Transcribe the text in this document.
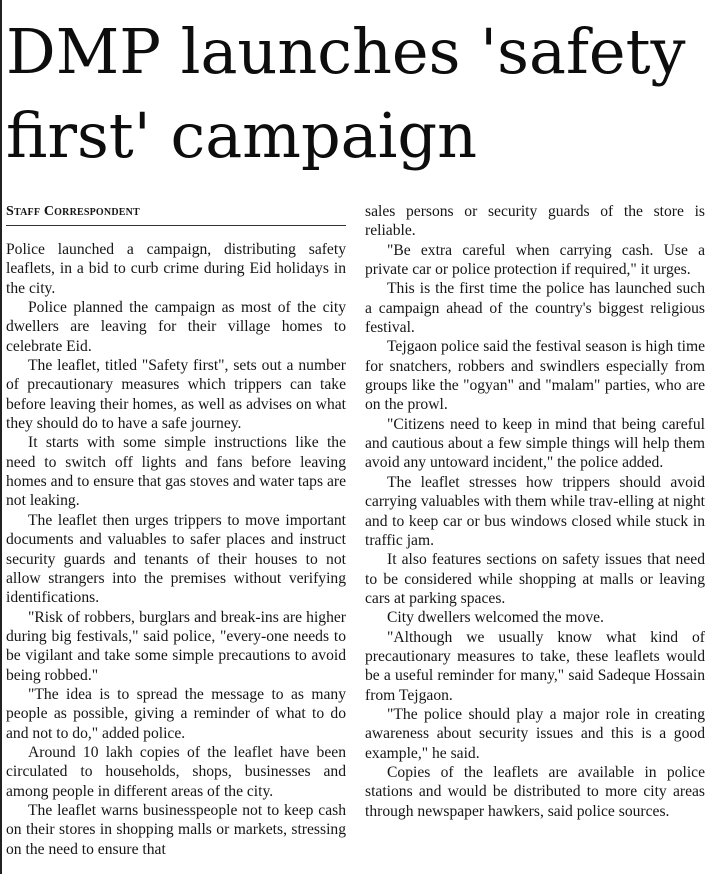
DMP launches 'safety first' campaign
Staff Correspondent

Police launched a campaign, distributing safety leaflets, in a bid to curb crime during Eid holidays in the city.

Police planned the campaign as most of the city dwellers are leaving for their village homes to celebrate Eid.

The leaflet, titled "Safety first", sets out a number of precautionary measures which trippers can take before leaving their homes, as well as advises on what they should do to have a safe journey.

It starts with some simple instructions like the need to switch off lights and fans before leaving homes and to ensure that gas stoves and water taps are not leaking.

The leaflet then urges trippers to move important documents and valuables to safer places and instruct security guards and tenants of their houses to not allow strangers into the premises without verifying identifications.

"Risk of robbers, burglars and break-ins are higher during big festivals," said police, "every-one needs to be vigilant and take some simple precautions to avoid being robbed."

"The idea is to spread the message to as many people as possible, giving a reminder of what to do and not to do," added police.

Around 10 lakh copies of the leaflet have been circulated to households, shops, businesses and among people in different areas of the city.

The leaflet warns businesspeople not to keep cash on their stores in shopping malls or markets, stressing on the need to ensure that

sales persons or security guards of the store is reliable.

"Be extra careful when carrying cash. Use a private car or police protection if required," it urges.

This is the first time the police has launched such a campaign ahead of the country's biggest religious festival.

Tejgaon police said the festival season is high time for snatchers, robbers and swindlers especially from groups like the "ogyan" and "malam" parties, who are on the prowl.

"Citizens need to keep in mind that being careful and cautious about a few simple things will help them avoid any untoward incident," the police added.

The leaflet stresses how trippers should avoid carrying valuables with them while trav-elling at night and to keep car or bus windows closed while stuck in traffic jam.

It also features sections on safety issues that need to be considered while shopping at malls or leaving cars at parking spaces.

City dwellers welcomed the move.

"Although we usually know what kind of precautionary measures to take, these leaflets would be a useful reminder for many," said Sadeque Hossain from Tejgaon.

"The police should play a major role in creating awareness about security issues and this is a good example," he said.

Copies of the leaflets are available in police stations and would be distributed to more city areas through newspaper hawkers, said police sources.
